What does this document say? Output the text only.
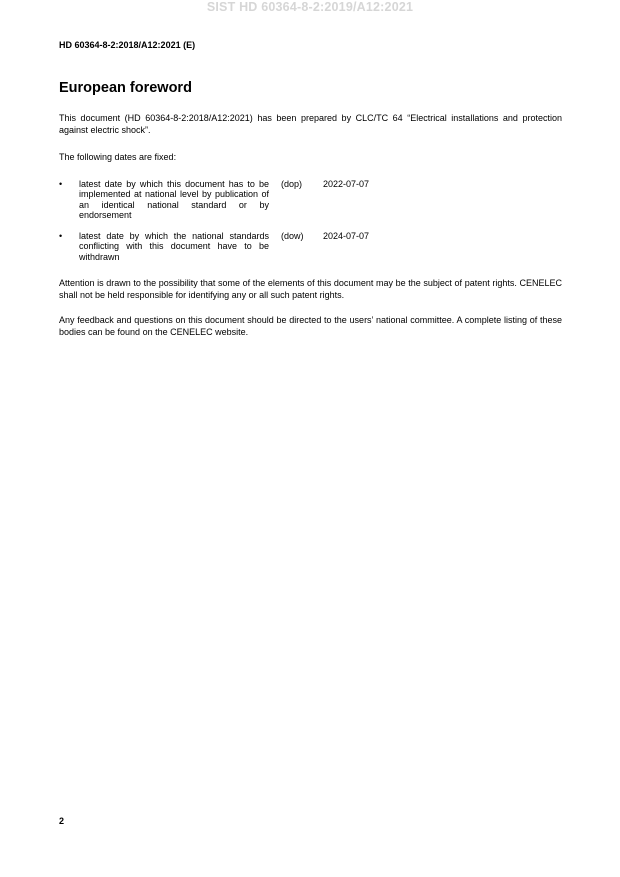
SIST HD 60364-8-2:2019/A12:2021
HD 60364-8-2:2018/A12:2021 (E)
European foreword
This document (HD 60364-8-2:2018/A12:2021) has been prepared by CLC/TC 64 “Electrical installations and protection against electric shock”.
The following dates are fixed:
• latest date by which this document has to be implemented at national level by publication of an identical national standard or by endorsement
(dop) 2022-07-07
• latest date by which the national standards conflicting with this document have to be withdrawn
(dow) 2024-07-07
Attention is drawn to the possibility that some of the elements of this document may be the subject of patent rights. CENELEC shall not be held responsible for identifying any or all such patent rights.
Any feedback and questions on this document should be directed to the users’ national committee. A complete listing of these bodies can be found on the CENELEC website.
2
